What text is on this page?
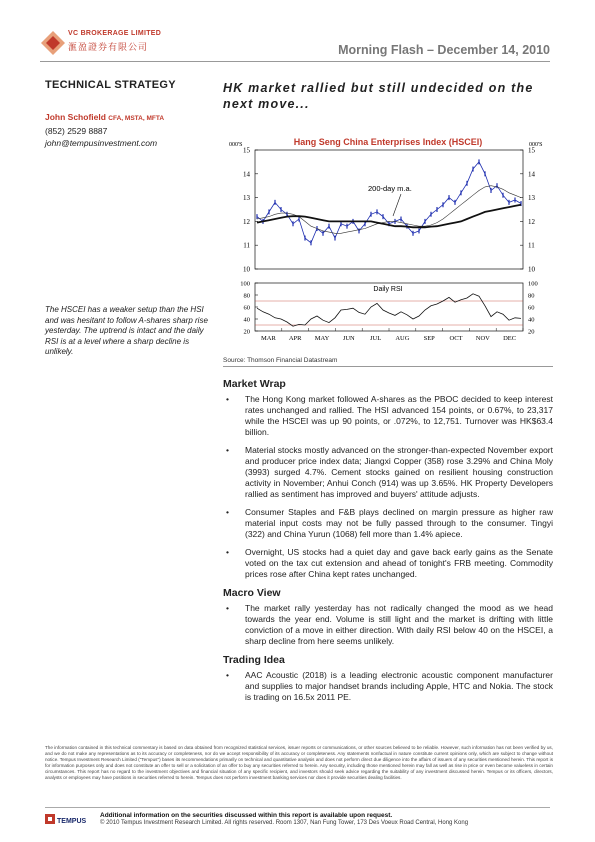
VC BROKERAGE LIMITED
滙盈證券有限公司	Morning Flash – December 14, 2010
TECHNICAL STRATEGY
John Schofield CFA, MSTA, MFTA
(852) 2529 8887
john@tempusinvestment.com
The HSCEI has a weaker setup than the HSI and was hesitant to follow A-shares sharp rise yesterday. The uptrend is intact and the daily RSI is at a level where a sharp decline is unlikely.
HK market rallied but still undecided on the next move...
Hang Seng China Enterprises Index (HSCEI)
000'S	000'S
10	10
11	11
12	12
13	13
14	14
15	15
20	20
40	40
60	60
80	80
100	100
MAR APR MAY JUN JUL AUG SEP OCT NOV DEC
200-day m.a.
Daily RSI
Source: Thomson Financial Datastream
Market Wrap
• The Hong Kong market followed A-shares as the PBOC decided to keep interest rates unchanged and rallied. The HSI advanced 154 points, or 0.67%, to 23,317 while the HSCEI was up 90 points, or .072%, to 12,751. Turnover was HK$63.4 billion.
• Material stocks mostly advanced on the stronger-than-expected November export and producer price index data; Jiangxi Copper (358) rose 3.29% and China Moly (3993) surged 4.7%. Cement stocks gained on resilient housing construction activity in November; Anhui Conch (914) was up 3.65%. HK Property Developers rallied as sentiment has improved and buyers' attitude adjusts.
• Consumer Staples and F&B plays declined on margin pressure as higher raw material input costs may not be fully passed through to the consumer. Tingyi (322) and China Yurun (1068) fell more than 1.4% apiece.
• Overnight, US stocks had a quiet day and gave back early gains as the Senate voted on the tax cut extension and ahead of tonight's FRB meeting. Commodity prices rose after China kept rates unchanged.
Macro View
• The market rally yesterday has not radically changed the mood as we head towards the year end. Volume is still light and the market is drifting with little conviction of a move in either direction. With daily RSI below 40 on the HSCEI, a sharp decline from here seems unlikely.
Trading Idea
• AAC Acoustic (2018) is a leading electronic acoustic component manufacturer and supplies to major handset brands including Apple, HTC and Nokia. The stock is trading on 16.5x 2011 PE.
The information contained in this technical commentary is based on data obtained from recognized statistical services, issuer reports or communications, or other sources believed to be reliable. However, such information has not been verified by us, and we do not make any representations as to its accuracy or completeness, nor do we accept responsibility of its accuracy or completeness. Any statements nonfactual in nature constitute current opinions only, which are subject to change without notice. Tempus Investment Research Limited ("Tempus") bases its recommendations primarily on technical and quantitative analysis and does not perform direct due diligence into the affairs of issuers of any securities mentioned herein. This report is for information purposes only and does not constitute an offer to sell or a solicitation of an offer to buy any securities referred to herein. Any security, including those mentioned herein may fall as well as rise in price or even become valueless in certain circumstances. This report has no regard to the investment objectives and financial situation of any specific recipient, and investors should seek advice regarding the suitability of any investment discussed herein. Tempus or its officers, directors, analysts or employees may have positions in securities referred to herein. Tempus does not perform investment banking services nor does it provide securities dealing facilities.
TEMPUS
Additional information on the securities discussed within this report is available upon request.
© 2010 Tempus Investment Research Limited. All rights reserved. Room 1307, Nan Fung Tower, 173 Des Voeux Road Central, Hong Kong
